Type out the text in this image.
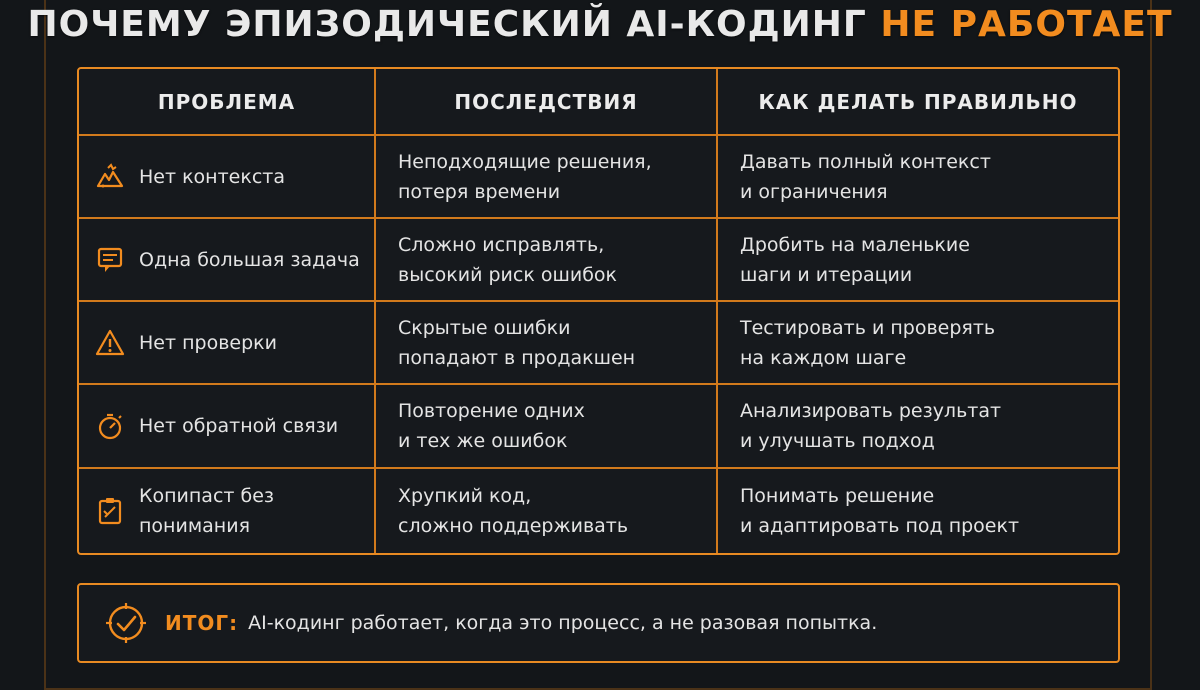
ПОЧЕМУ ЭПИЗОДИЧЕСКИЙ AI-КОДИНГ НЕ РАБОТАЕТ
ПРОБЛЕМА	ПОСЛЕДСТВИЯ	КАК ДЕЛАТЬ ПРАВИЛЬНО
Нет контекста
Неподходящие решения,
потеря времени
Давать полный контекст
и ограничения
Одна большая задача
Сложно исправлять,
высокий риск ошибок
Дробить на маленькие
шаги и итерации
Нет проверки
Скрытые ошибки
попадают в продакшен
Тестировать и проверять
на каждом шаге
Нет обратной связи
Повторение одних
и тех же ошибок
Анализировать результат
и улучшать подход
Копипаст без понимания
Хрупкий код,
сложно поддерживать
Понимать решение
и адаптировать под проект
ИТОГ: AI-кодинг работает, когда это процесс, а не разовая попытка.
